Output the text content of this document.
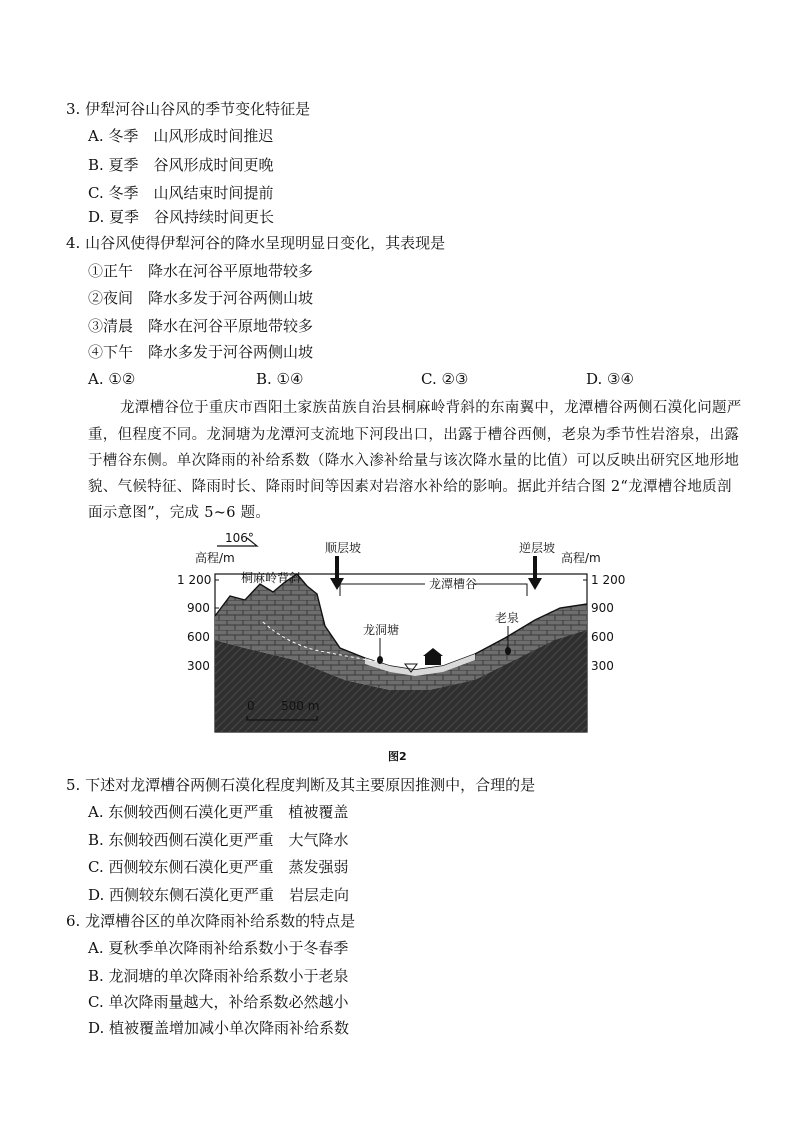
3. 伊犁河谷山谷风的季节变化特征是
A. 冬季　山风形成时间推迟
B. 夏季　谷风形成时间更晚
C. 冬季　山风结束时间提前
D. 夏季　谷风持续时间更长
4. 山谷风使得伊犁河谷的降水呈现明显日变化，其表现是
①正午　降水在河谷平原地带较多
②夜间　降水多发于河谷两侧山坡
③清晨　降水在河谷平原地带较多
④下午　降水多发于河谷两侧山坡
A. ①②	B. ①④	C. ②③	D. ③④
龙潭槽谷位于重庆市酉阳土家族苗族自治县桐麻岭背斜的东南翼中，龙潭槽谷两侧石漠化问题严
重，但程度不同。龙洞塘为龙潭河支流地下河段出口，出露于槽谷西侧，老泉为季节性岩溶泉，出露
于槽谷东侧。单次降雨的补给系数（降水入渗补给量与该次降水量的比值）可以反映出研究区地形地
貌、气候特征、降雨时长、降雨时间等因素对岩溶水补给的影响。据此并结合图 2“龙潭槽谷地质剖
面示意图”，完成 5~6 题。
106°
高程/m	高程/m
1 200
900
600
300
1 200
900
600
300
桐麻岭背斜
顺层坡	逆层坡
龙潭槽谷
龙洞塘
老泉
0 500 m
图2
5. 下述对龙潭槽谷两侧石漠化程度判断及其主要原因推测中，合理的是
A. 东侧较西侧石漠化更严重　植被覆盖
B. 东侧较西侧石漠化更严重　大气降水
C. 西侧较东侧石漠化更严重　蒸发强弱
D. 西侧较东侧石漠化更严重　岩层走向
6. 龙潭槽谷区的单次降雨补给系数的特点是
A. 夏秋季单次降雨补给系数小于冬春季
B. 龙洞塘的单次降雨补给系数小于老泉
C. 单次降雨量越大，补给系数必然越小
D. 植被覆盖增加减小单次降雨补给系数
